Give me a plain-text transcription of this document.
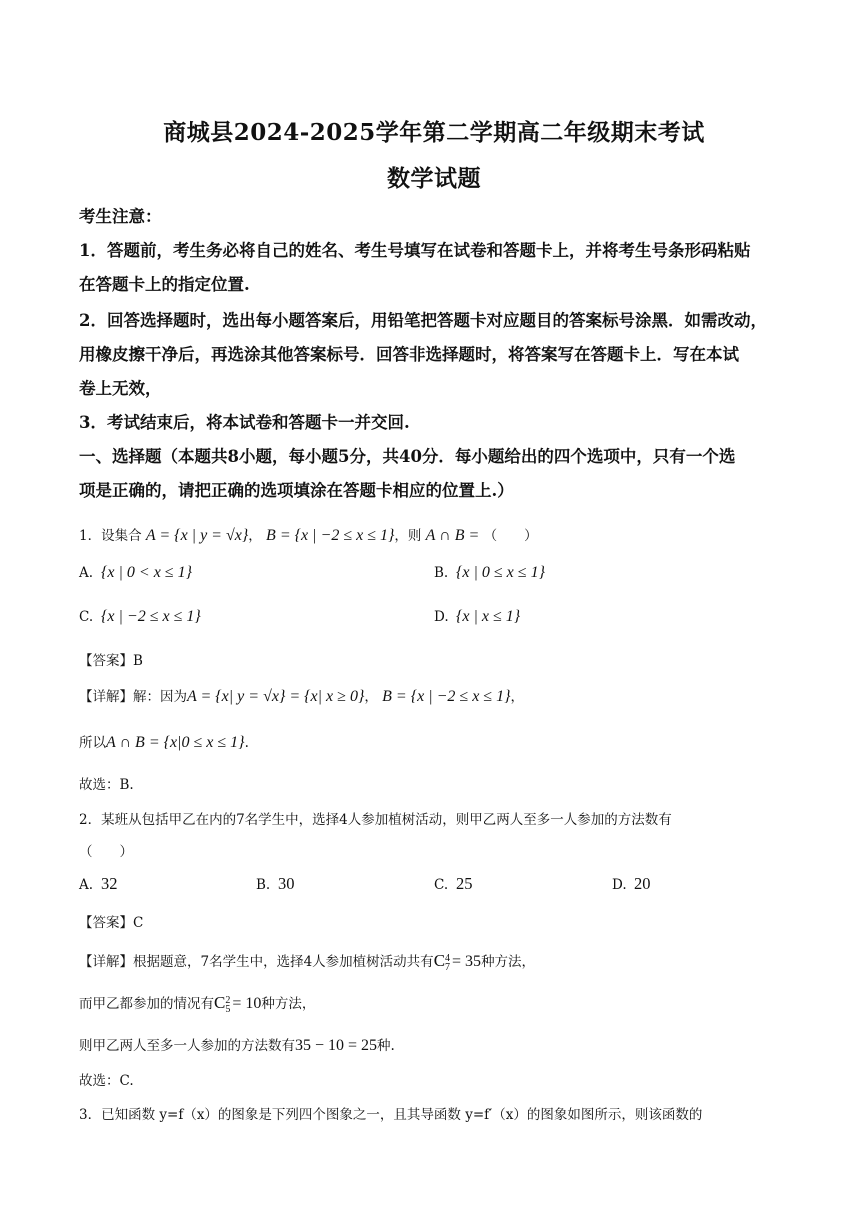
商城县2024-2025学年第二学期高二年级期末考试
数学试题
考生注意：
1．答题前，考生务必将自己的姓名、考生号填写在试卷和答题卡上，并将考生号条形码粘贴
在答题卡上的指定位置.
2．回答选择题时，选出每小题答案后，用铅笔把答题卡对应题目的答案标号涂黑．如需改动，
用橡皮擦干净后，再选涂其他答案标号．回答非选择题时，将答案写在答题卡上．写在本试
卷上无效，
3．考试结束后，将本试卷和答题卡一并交回.
一、选择题（本题共8小题，每小题5分，共40分．每小题给出的四个选项中，只有一个选
项是正确的，请把正确的选项填涂在答题卡相应的位置上.）
1．设集合 A = {x | y = √x}， B = {x | −2 ≤ x ≤ 1}，则 A ∩ B = （　　）
A. {x | 0 < x ≤ 1}	B. {x | 0 ≤ x ≤ 1}
C. {x | −2 ≤ x ≤ 1}	D. {x | x ≤ 1}
【答案】B
【详解】解：因为A = {x| y = √x} = {x| x ≥ 0}， B = {x | −2 ≤ x ≤ 1}，
所以A ∩ B = {x|0 ≤ x ≤ 1}.
故选：B.
2．某班从包括甲乙在内的7名学生中，选择4人参加植树活动，则甲乙两人至多一人参加的方法数有
（　　）
A. 32	B. 30	C. 25	D. 20
【答案】C
【详解】根据题意，7名学生中，选择4人参加植树活动共有C 4
7 = 35种方法，
而甲乙都参加的情况有C 2
5 = 10种方法，
则甲乙两人至多一人参加的方法数有35 − 10 = 25种.
故选：C.
3．已知函数 y=f（x）的图象是下列四个图象之一，且其导函数 y=f′（x）的图象如图所示，则该函数的
